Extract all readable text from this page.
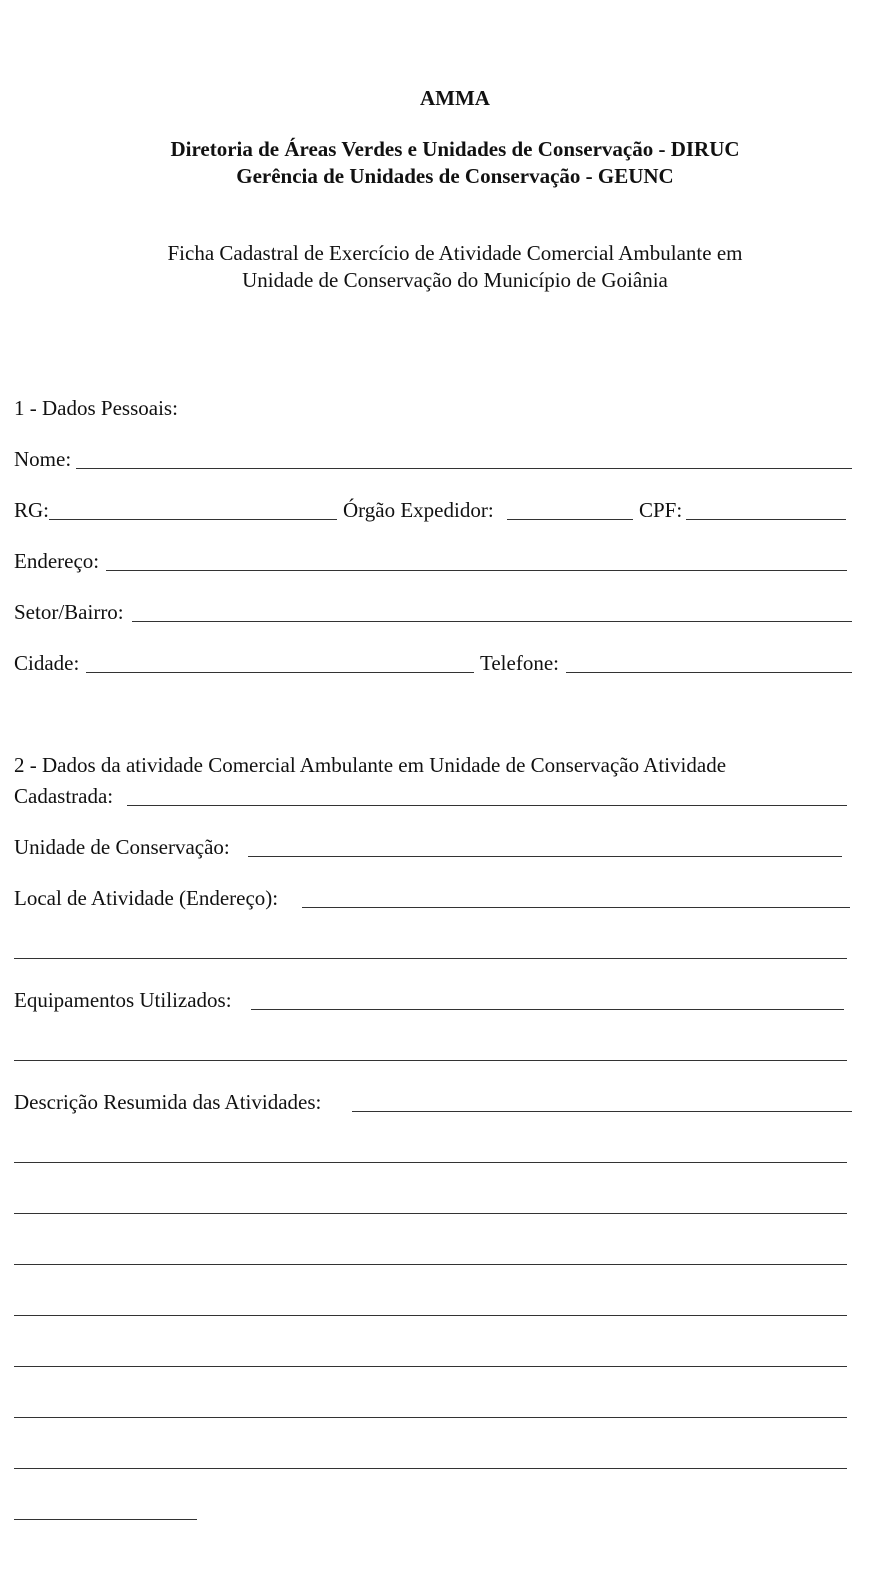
AMMA
Diretoria de Áreas Verdes e Unidades de Conservação - DIRUC
Gerência de Unidades de Conservação - GEUNC
Ficha Cadastral de Exercício de Atividade Comercial Ambulante em
Unidade de Conservação do Município de Goiânia
1 - Dados Pessoais:
Nome:
RG:	Órgão Expedidor:	CPF:
Endereço:
Setor/Bairro:
Cidade:	Telefone:
2 - Dados da atividade Comercial Ambulante em Unidade de Conservação Atividade
Cadastrada:
Unidade de Conservação:
Local de Atividade (Endereço):
Equipamentos Utilizados:
Descrição Resumida das Atividades:
